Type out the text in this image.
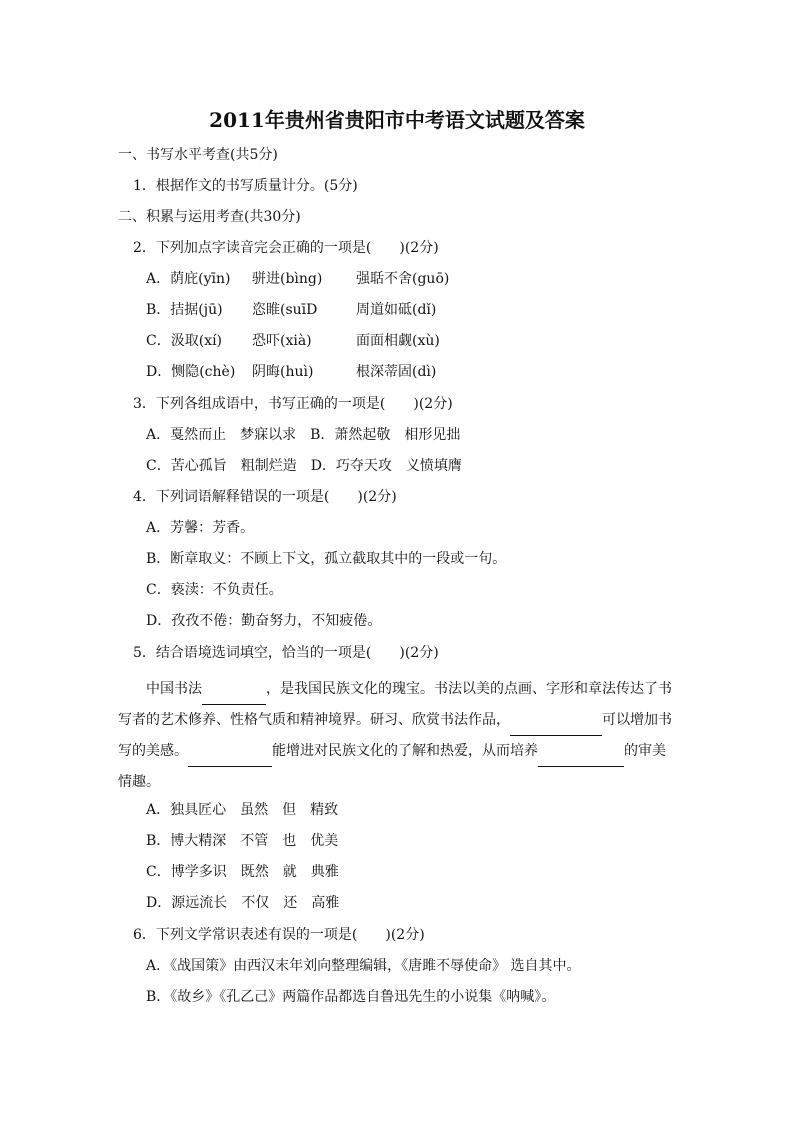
2011年贵州省贵阳市中考语文试题及答案
一、书写水平考查(共5分)
1．根据作文的书写质量计分。(5分)
二、积累与运用考查(共30分)
2．下列加点字读音完会正确的一项是(　　)(2分)
A．荫庇(yīn)	骈进(bìng)	强聒不舍(guō)
B．拮据(jū)	恣睢(suīD	周道如砥(dǐ)
C．汲取(xí)	恐吓(xià)	面面相觑(xù)
D．恻隐(chè)	阴晦(huì)	根深蒂固(dì)
3．下列各组成语中，书写正确的一项是(　　)(2分)
A．戛然而止　梦寐以求　B．萧然起敬　相形见拙
C．苦心孤旨　粗制烂造　D．巧夺天攻　义愤填膺
4．下列词语解释错误的一项是(　　)(2分)
A．芳馨：芳香。
B．断章取义：不顾上下文，孤立截取其中的一段或一句。
C．亵渎：不负责任。
D．孜孜不倦：勤奋努力，不知疲倦。
5．结合语境选词填空，恰当的一项是(　　)(2分)
中国书法	，是我国民族文化的瑰宝。书法以美的点画、字形和章法传达了书写者的艺术修养、性格气质和精神境界。研习、欣赏书法作品，	可以增加书写的美感。	能增进对民族文化的了解和热爱，从而培养	的审美情趣。
A．独具匠心　虽然　但　精致
B．博大精深　不管　也　优美
C．博学多识　既然　就　典雅
D．源远流长　不仅　还　高雅
6．下列文学常识表述有误的一项是(　　)(2分)
A．《战国策》由西汉末年刘向整理编辑，《唐雎不辱使命》 选自其中。
B．《故乡》《孔乙己》两篇作品都选自鲁迅先生的小说集《呐喊》。
